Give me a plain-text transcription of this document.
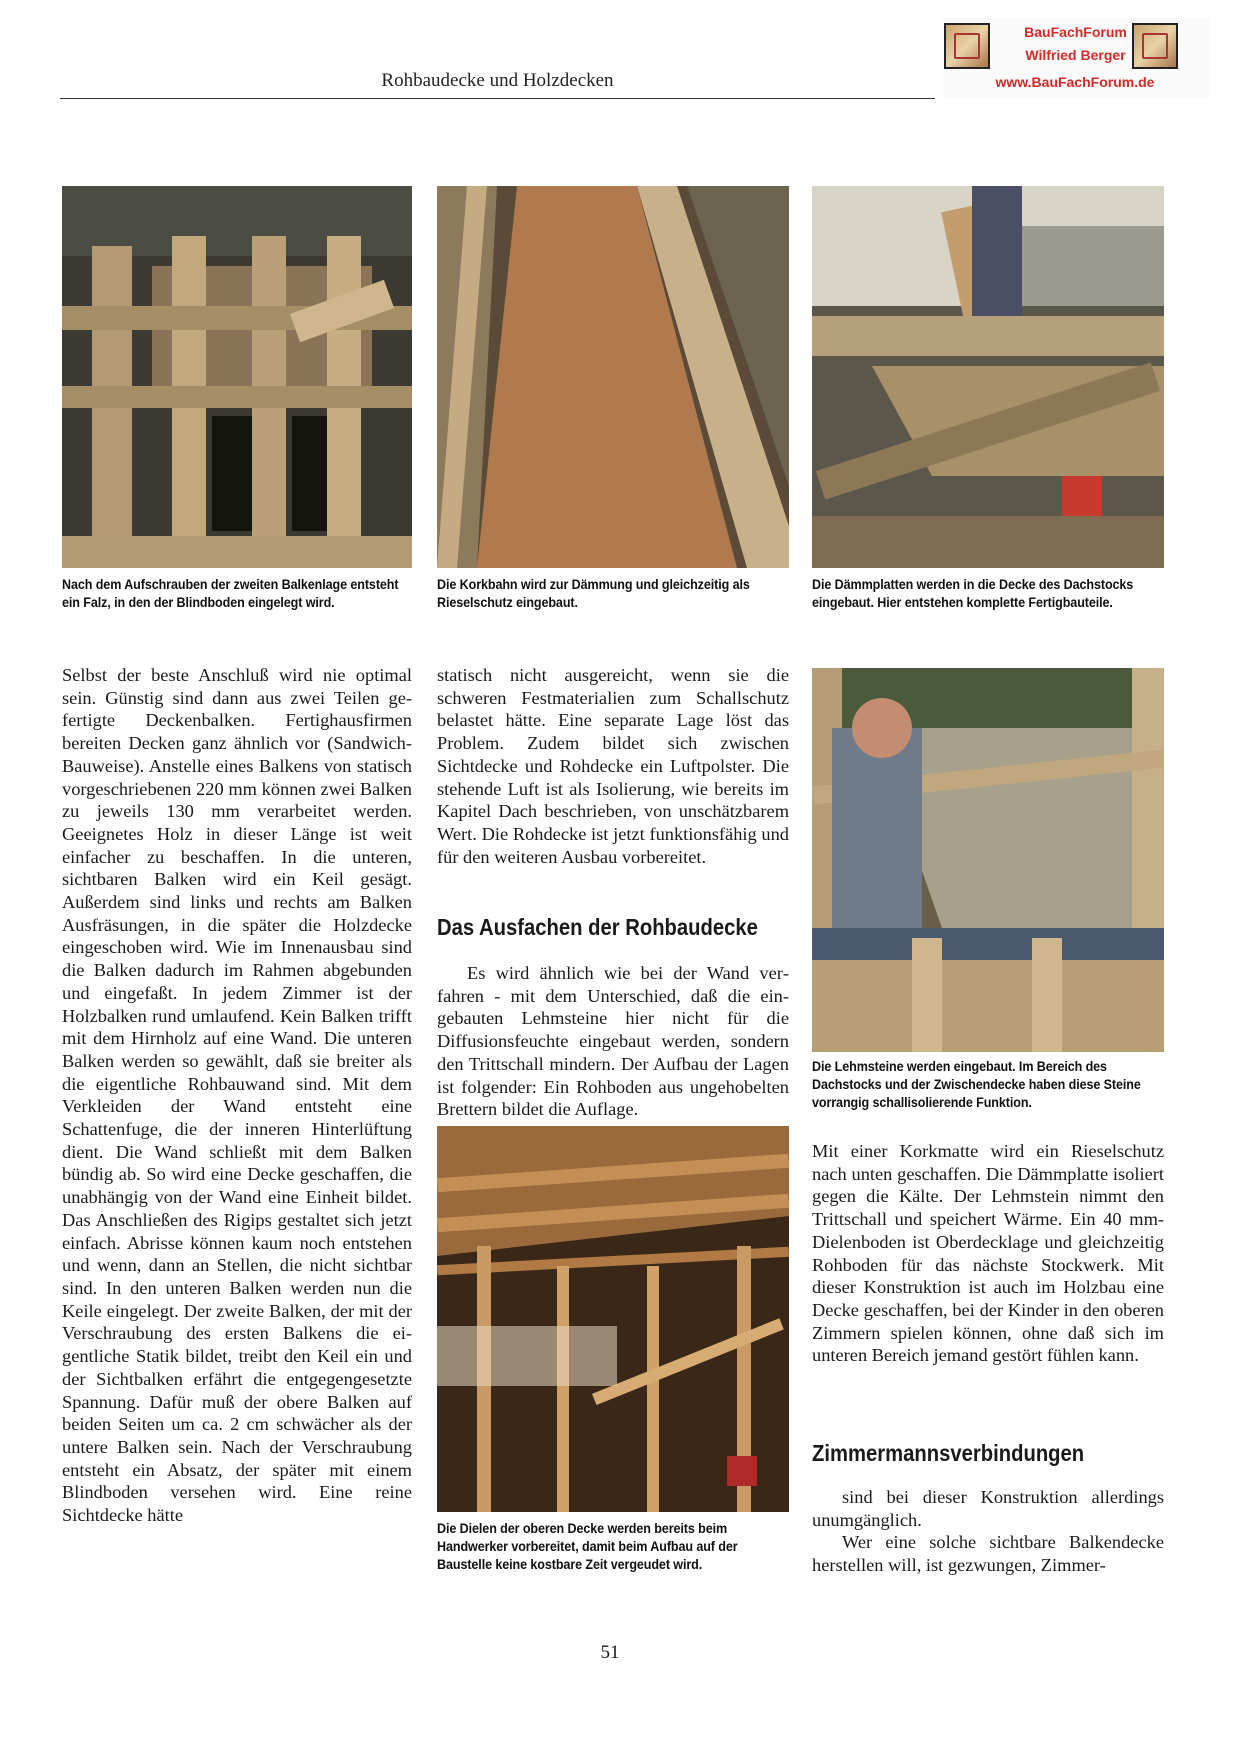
Rohbaudecke und Holzdecken
BauFachForum
Wilfried Berger
www.BauFachForum.de
Nach dem Aufschrauben der zweiten Balkenlage entsteht ein Falz, in den der Blindboden eingelegt wird.
Die Korkbahn wird zur Dämmung und gleichzeitig als Rieselschutz eingebaut.
Die Dämmplatten werden in die Decke des Dachstocks eingebaut. Hier entstehen komplette Fertigbauteile.

Selbst der beste Anschluß wird nie optimal sein. Günstig sind dann aus zwei Teilen gefertigte Deckenbalken. Fertighausfirmen bereiten Decken ganz ähnlich vor (Sandwich-Bauweise). Anstelle eines Balkens von statisch vorgeschriebenen 220 mm können zwei Balken zu jeweils 130 mm verarbeitet werden. Geeignetes Holz in dieser Länge ist weit einfacher zu beschaffen. In die unteren, sichtbaren Balken wird ein Keil gesägt. Außerdem sind links und rechts am Balken Ausfräsungen, in die später die Holzdecke eingeschoben wird. Wie im Innenausbau sind die Balken dadurch im Rahmen abgebunden und eingefaßt. In jedem Zimmer ist der Holzbalken rund umlaufend. Kein Balken trifft mit dem Hirnholz auf eine Wand. Die unteren Balken werden so gewählt, daß sie breiter als die eigentliche Rohbauwand sind. Mit dem Verkleiden der Wand entsteht eine Schattenfuge, die der inneren Hinterlüftung dient. Die Wand schließt mit dem Balken bündig ab. So wird eine Decke geschaffen, die unabhängig von der Wand eine Einheit bildet. Das Anschließen des Rigips gestaltet sich jetzt einfach. Abrisse können kaum noch entstehen und wenn, dann an Stellen, die nicht sichtbar sind. In den unteren Balken werden nun die Keile eingelegt. Der zweite Balken, der mit der Verschraubung des ersten Balkens die eigentliche Statik bildet, treibt den Keil ein und der Sichtbalken erfährt die entgegengesetzte Spannung. Dafür muß der obere Balken auf beiden Seiten um ca. 2 cm schwächer als der untere Balken sein. Nach der Verschraubung entsteht ein Absatz, der später mit einem Blindboden versehen wird. Eine reine Sichtdecke hätte

statisch nicht ausgereicht, wenn sie die schweren Festmaterialien zum Schallschutz belastet hätte. Eine separate Lage löst das Problem. Zudem bildet sich zwischen Sichtdecke und Rohdecke ein Luftpolster. Die stehende Luft ist als Isolierung, wie bereits im Kapitel Dach beschrieben, von unschätzbarem Wert. Die Rohdecke ist jetzt funktionsfähig und für den weiteren Ausbau vorbereitet.

Das Ausfachen der Rohbaudecke

Es wird ähnlich wie bei der Wand verfahren - mit dem Unterschied, daß die eingebauten Lehmsteine hier nicht für die Diffusionsfeuchte eingebaut werden, sondern den Trittschall mindern. Der Aufbau der Lagen ist folgender: Ein Rohboden aus ungehobelten Brettern bildet die Auflage.

Die Lehmsteine werden eingebaut. Im Bereich des Dachstocks und der Zwischendecke haben diese Steine vorrangig schallisolierende Funktion.
Die Dielen der oberen Decke werden bereits beim Handwerker vorbereitet, damit beim Aufbau auf der Baustelle keine kostbare Zeit vergeudet wird.

Mit einer Korkmatte wird ein Rieselschutz nach unten geschaffen. Die Dämmplatte isoliert gegen die Kälte. Der Lehmstein nimmt den Trittschall und speichert Wärme. Ein 40 mm-Dielenboden ist Oberdecklage und gleichzeitig Rohboden für das nächste Stockwerk. Mit dieser Konstruktion ist auch im Holzbau eine Decke geschaffen, bei der Kinder in den oberen Zimmern spielen können, ohne daß sich im unteren Bereich jemand gestört fühlen kann.

Zimmermannsverbindungen

sind bei dieser Konstruktion allerdings unumgänglich.

Wer eine solche sichtbare Balkendecke herstellen will, ist gezwungen, Zimmer-

51
